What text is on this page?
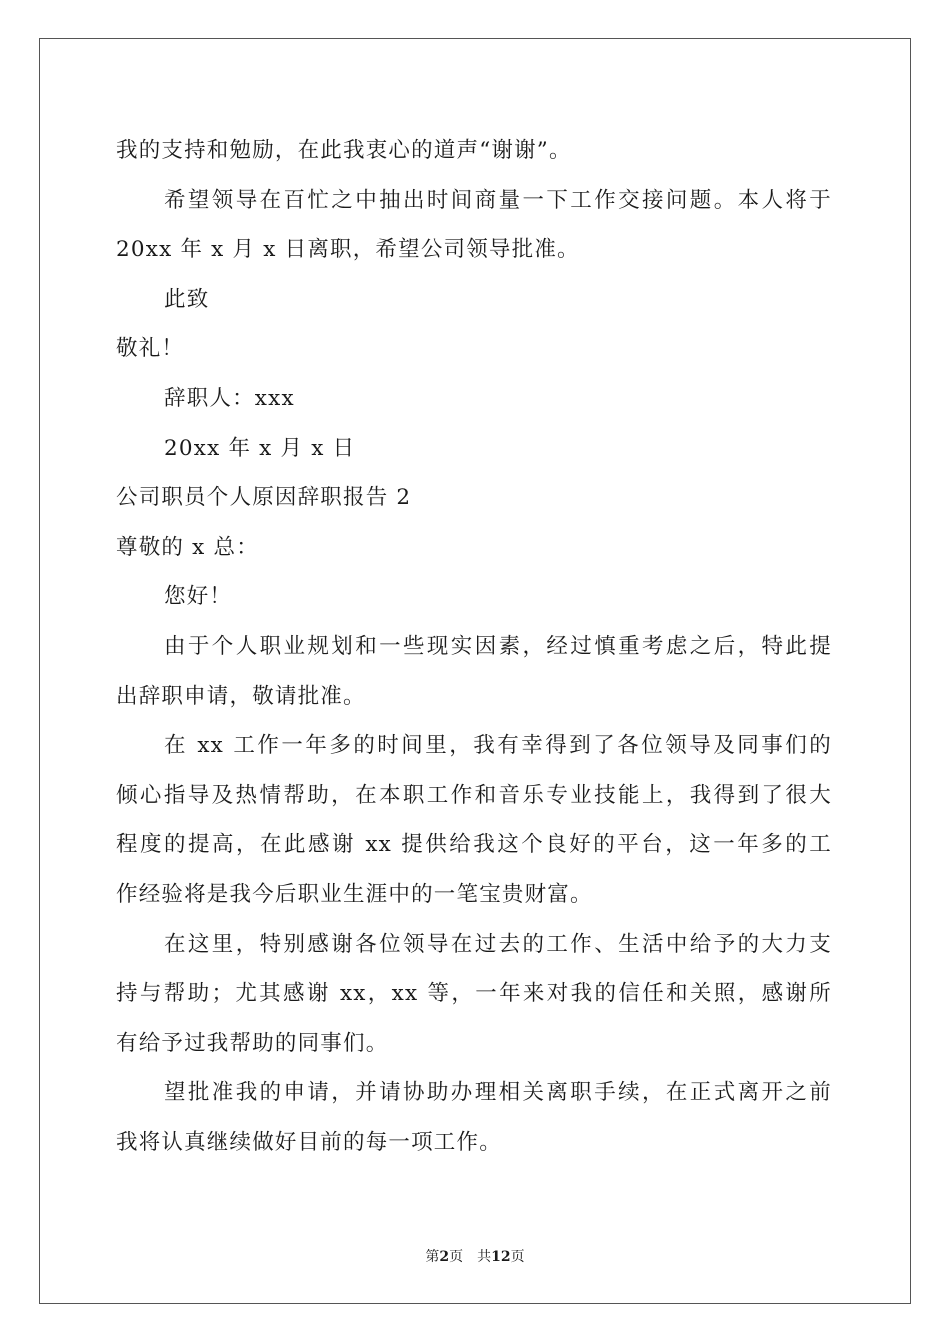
我的支持和勉励，在此我衷心的道声“谢谢”。
希望领导在百忙之中抽出时间商量一下工作交接问题。本人将于
20xx 年 x 月 x 日离职，希望公司领导批准。
此致
敬礼！
辞职人：xxx
20xx 年 x 月 x 日
公司职员个人原因辞职报告 2
尊敬的 x 总：
您好！
由于个人职业规划和一些现实因素，经过慎重考虑之后，特此提
出辞职申请，敬请批准。
在 xx 工作一年多的时间里，我有幸得到了各位领导及同事们的
倾心指导及热情帮助，在本职工作和音乐专业技能上，我得到了很大
程度的提高，在此感谢 xx 提供给我这个良好的平台，这一年多的工
作经验将是我今后职业生涯中的一笔宝贵财富。
在这里，特别感谢各位领导在过去的工作、生活中给予的大力支
持与帮助；尤其感谢 xx，xx 等，一年来对我的信任和关照，感谢所
有给予过我帮助的同事们。
望批准我的申请，并请协助办理相关离职手续，在正式离开之前
我将认真继续做好目前的每一项工作。
第2页　共12页
